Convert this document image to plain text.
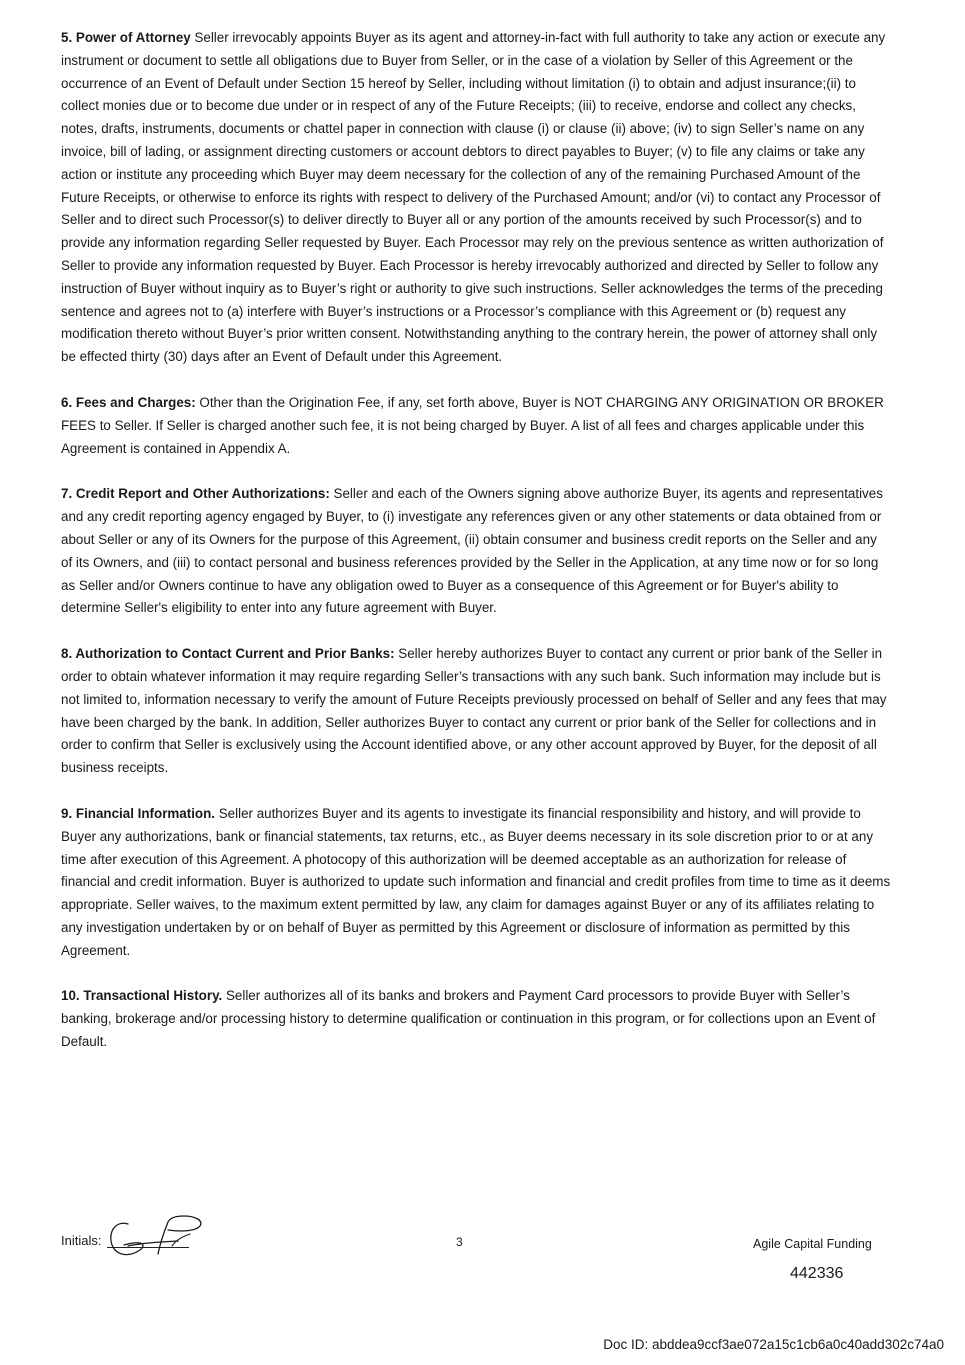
5. Power of Attorney Seller irrevocably appoints Buyer as its agent and attorney-in-fact with full authority to take any action or execute any instrument or document to settle all obligations due to Buyer from Seller, or in the case of a violation by Seller of this Agreement or the occurrence of an Event of Default under Section 15 hereof by Seller, including without limitation (i) to obtain and adjust insurance;(ii) to collect monies due or to become due under or in respect of any of the Future Receipts; (iii) to receive, endorse and collect any checks, notes, drafts, instruments, documents or chattel paper in connection with clause (i) or clause (ii) above; (iv) to sign Seller’s name on any invoice, bill of lading, or assignment directing customers or account debtors to direct payables to Buyer; (v) to file any claims or take any action or institute any proceeding which Buyer may deem necessary for the collection of any of the remaining Purchased Amount of the Future Receipts, or otherwise to enforce its rights with respect to delivery of the Purchased Amount; and/or (vi) to contact any Processor of Seller and to direct such Processor(s) to deliver directly to Buyer all or any portion of the amounts received by such Processor(s) and to provide any information regarding Seller requested by Buyer. Each Processor may rely on the previous sentence as written authorization of Seller to provide any information requested by Buyer. Each Processor is hereby irrevocably authorized and directed by Seller to follow any instruction of Buyer without inquiry as to Buyer’s right or authority to give such instructions. Seller acknowledges the terms of the preceding sentence and agrees not to (a) interfere with Buyer’s instructions or a Processor’s compliance with this Agreement or (b) request any modification thereto without Buyer’s prior written consent. Notwithstanding anything to the contrary herein, the power of attorney shall only be effected thirty (30) days after an Event of Default under this Agreement.

6. Fees and Charges: Other than the Origination Fee, if any, set forth above, Buyer is NOT CHARGING ANY ORIGINATION OR BROKER FEES to Seller. If Seller is charged another such fee, it is not being charged by Buyer. A list of all fees and charges applicable under this Agreement is contained in Appendix A.

7. Credit Report and Other Authorizations: Seller and each of the Owners signing above authorize Buyer, its agents and representatives and any credit reporting agency engaged by Buyer, to (i) investigate any references given or any other statements or data obtained from or about Seller or any of its Owners for the purpose of this Agreement, (ii) obtain consumer and business credit reports on the Seller and any of its Owners, and (iii) to contact personal and business references provided by the Seller in the Application, at any time now or for so long as Seller and/or Owners continue to have any obligation owed to Buyer as a consequence of this Agreement or for Buyer's ability to determine Seller's eligibility to enter into any future agreement with Buyer.

8. Authorization to Contact Current and Prior Banks: Seller hereby authorizes Buyer to contact any current or prior bank of the Seller in order to obtain whatever information it may require regarding Seller’s transactions with any such bank. Such information may include but is not limited to, information necessary to verify the amount of Future Receipts previously processed on behalf of Seller and any fees that may have been charged by the bank. In addition, Seller authorizes Buyer to contact any current or prior bank of the Seller for collections and in order to confirm that Seller is exclusively using the Account identified above, or any other account approved by Buyer, for the deposit of all business receipts.

9. Financial Information. Seller authorizes Buyer and its agents to investigate its financial responsibility and history, and will provide to Buyer any authorizations, bank or financial statements, tax returns, etc., as Buyer deems necessary in its sole discretion prior to or at any time after execution of this Agreement. A photocopy of this authorization will be deemed acceptable as an authorization for release of financial and credit information. Buyer is authorized to update such information and financial and credit profiles from time to time as it deems appropriate. Seller waives, to the maximum extent permitted by law, any claim for damages against Buyer or any of its affiliates relating to any investigation undertaken by or on behalf of Buyer as permitted by this Agreement or disclosure of information as permitted by this Agreement.

10. Transactional History. Seller authorizes all of its banks and brokers and Payment Card processors to provide Buyer with Seller’s banking, brokerage and/or processing history to determine qualification or continuation in this program, or for collections upon an Event of Default.

Initials:	3	Agile Capital Funding
442336
Doc ID: abddea9ccf3ae072a15c1cb6a0c40add302c74a0
